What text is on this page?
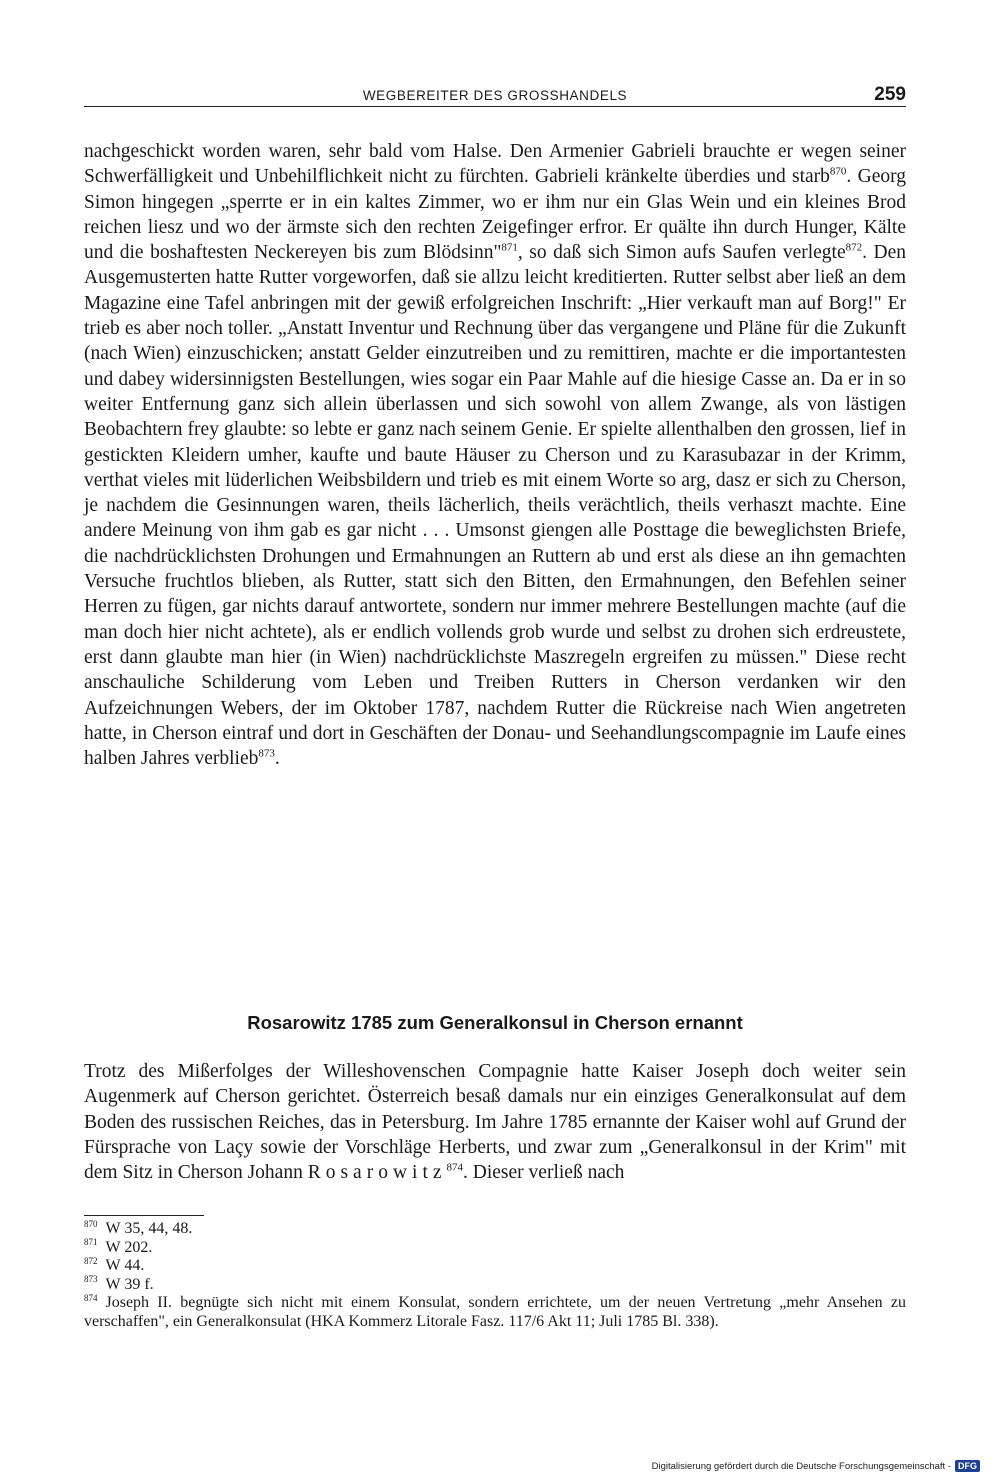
WEGBEREITER DES GROSSHANDELS	259
nachgeschickt worden waren, sehr bald vom Halse. Den Armenier Gabrieli brauchte er wegen seiner Schwerfälligkeit und Unbehilflichkeit nicht zu fürchten. Gabrieli kränkelte überdies und starb$^{870}$. Georg Simon hingegen „sperrte er in ein kaltes Zimmer, wo er ihm nur ein Glas Wein und ein kleines Brod reichen liesz und wo der ärmste sich den rechten Zeigefinger erfror. Er quälte ihn durch Hunger, Kälte und die boshaftesten Neckereyen bis zum Blödsinn"$^{871}$, so daß sich Simon aufs Saufen verlegte$^{872}$. Den Ausgemusterten hatte Rutter vorgeworfen, daß sie allzu leicht kreditierten. Rutter selbst aber ließ an dem Magazine eine Tafel anbringen mit der gewiß erfolgreichen Inschrift: „Hier verkauft man auf Borg!" Er trieb es aber noch toller. „Anstatt Inventur und Rechnung über das vergangene und Pläne für die Zukunft (nach Wien) einzuschicken; anstatt Gelder einzutreiben und zu remittiren, machte er die importantesten und dabey widersinnigsten Bestellungen, wies sogar ein Paar Mahle auf die hiesige Casse an. Da er in so weiter Entfernung ganz sich allein überlassen und sich sowohl von allem Zwange, als von lästigen Beobachtern frey glaubte: so lebte er ganz nach seinem Genie. Er spielte allenthalben den grossen, lief in gestickten Kleidern umher, kaufte und baute Häuser zu Cherson und zu Karasubazar in der Krimm, verthat vieles mit lüderlichen Weibsbildern und trieb es mit einem Worte so arg, dasz er sich zu Cherson, je nachdem die Gesinnungen waren, theils lächerlich, theils verächtlich, theils verhaszt machte. Eine andere Meinung von ihm gab es gar nicht . . . Umsonst giengen alle Posttage die beweglichsten Briefe, die nachdrücklichsten Drohungen und Ermahnungen an Ruttern ab und erst als diese an ihn gemachten Versuche fruchtlos blieben, als Rutter, statt sich den Bitten, den Ermahnungen, den Befehlen seiner Herren zu fügen, gar nichts darauf antwortete, sondern nur immer mehrere Bestellungen machte (auf die man doch hier nicht achtete), als er endlich vollends grob wurde und selbst zu drohen sich erdreustete, erst dann glaubte man hier (in Wien) nachdrücklichste Maszregeln ergreifen zu müssen." Diese recht anschauliche Schilderung vom Leben und Treiben Rutters in Cherson verdanken wir den Aufzeichnungen Webers, der im Oktober 1787, nachdem Rutter die Rückreise nach Wien angetreten hatte, in Cherson eintraf und dort in Geschäften der Donau- und Seehandlungscompagnie im Laufe eines halben Jahres verblieb$^{873}$.
Rosarowitz 1785 zum Generalkonsul in Cherson ernannt
Trotz des Mißerfolges der Willeshovenschen Compagnie hatte Kaiser Joseph doch weiter sein Augenmerk auf Cherson gerichtet. Österreich besaß damals nur ein einziges Generalkonsulat auf dem Boden des russischen Reiches, das in Petersburg. Im Jahre 1785 ernannte der Kaiser wohl auf Grund der Fürsprache von Laçy sowie der Vorschläge Herberts, und zwar zum „Generalkonsul in der Krim" mit dem Sitz in Cherson Johann Rosarowitz$^{874}$. Dieser verließ nach

$^{870}$ W 35, 44, 48.

$^{871}$ W 202.

$^{872}$ W 44.

$^{873}$ W 39 f.

$^{874}$ Joseph II. begnügte sich nicht mit einem Konsulat, sondern errichtete, um der neuen Vertretung „mehr Ansehen zu verschaffen", ein Generalkonsulat (HKA Kommerz Litorale Fasz. 117/6 Akt 11; Juli 1785 Bl. 338).

Digitalisierung gefördert durch die Deutsche Forschungsgemeinschaft - DFG
